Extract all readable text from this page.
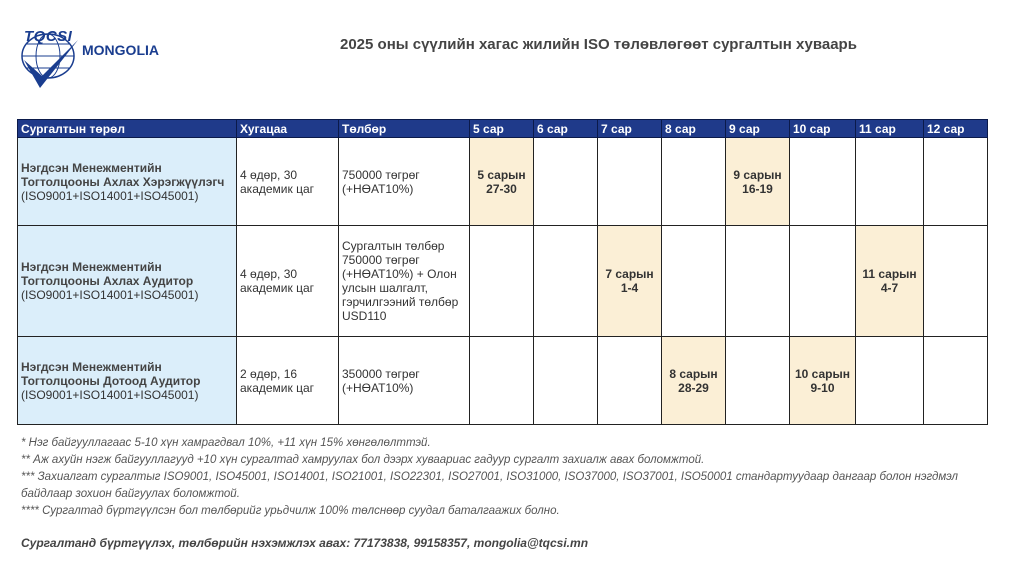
TQCSI
MONGOLIA	2025 оны сүүлийн хагас жилийн ISO төлөвлөгөөт сургалтын хуваарь
Сургалтын төрөл	Хугацаа	Төлбөр	5 сар	6 сар	7 сар	8 сар	9 сар	10 сар	11 сар	12 сар

Нэгдсэн Менежментийн Тогтолцооны Ахлах Хэрэгжүүлэгч
(ISO9001+ISO14001+ISO45001)	4 өдөр, 30 академик цаг	750000 төгрөг (+НӨАТ10%)	5 сарын 27-30				9 сарын 16-19			

Нэгдсэн Менежментийн Тогтолцооны Ахлах Аудитор
(ISO9001+ISO14001+ISO45001)	4 өдөр, 30 академик цаг	Сургалтын төлбөр 750000 төгрөг (+НӨАТ10%) + Олон улсын шалгалт, гэрчилгээний төлбөр USD110			7 сарын 1-4				11 сарын 4-7	

Нэгдсэн Менежментийн Тогтолцооны Дотоод Аудитор
(ISO9001+ISO14001+ISO45001)	2 өдөр, 16 академик цаг	350000 төгрөг (+НӨАТ10%)				8 сарын 28-29		10 сарын 9-10		

* Нэг байгууллагаас 5-10 хүн хамрагдвал 10%, +11 хүн 15% хөнгөлөлттэй.

** Аж ахуйн нэгж байгууллагууд +10 хүн сургалтад хамруулах бол дээрх хуваариас гадуур сургалт захиалж авах боломжтой.

*** Захиалгат сургалтыг ISO9001, ISO45001, ISO14001, ISO21001, ISO22301, ISO27001, ISO31000, ISO37000, ISO37001, ISO50001 стандартуудаар дангаар болон нэгдмэл байдлаар зохион байгуулах боломжтой.

**** Сургалтад бүртгүүлсэн бол төлбөрийг урьдчилж 100% төлснөөр суудал баталгаажих болно.

Сургалтанд бүртгүүлэх, төлбөрийн нэхэмжлэх авах: 77173838, 99158357, mongolia@tqcsi.mn
